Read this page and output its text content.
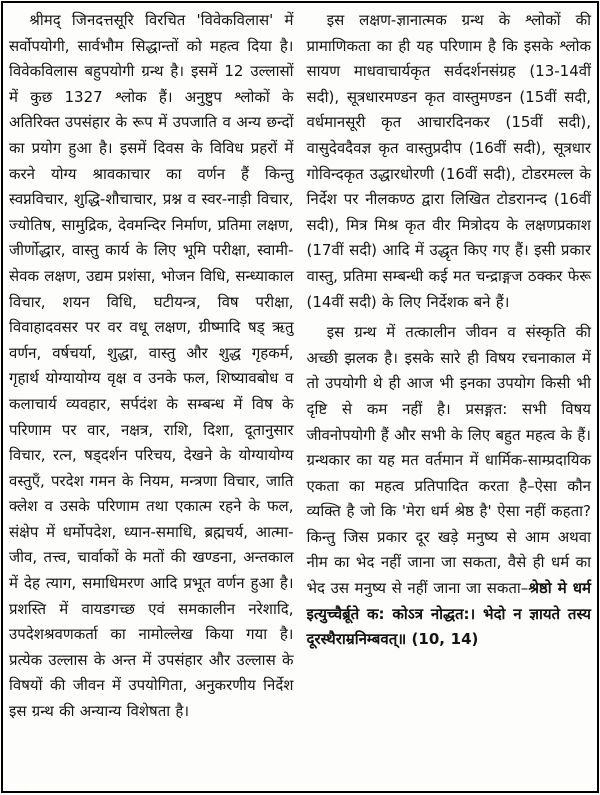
श्रीमद् जिनदत्तसूरि विरचित 'विवेकविलास' में सर्वोपयोगी, सार्वभौम सिद्धान्तों को महत्व दिया है। विवेकविलास बहुपयोगी ग्रन्थ है। इसमें 12 उल्लासों में कुछ 1327 श्लोक हैं। अनुष्टुप श्लोकों के अतिरिक्त उपसंहार के रूप में उपजाति व अन्य छन्दों का प्रयोग हुआ है। इसमें दिवस के विविध प्रहरों में करने योग्य श्रावकाचार का वर्णन हैं किन्तु स्वप्नविचार, शुद्धि-शौचाचार, प्रश्न व स्वर-नाड़ी विचार, ज्योतिष, सामुद्रिक, देवमन्दिर निर्माण, प्रतिमा लक्षण, जीर्णोद्धार, वास्तु कार्य के लिए भूमि परीक्षा, स्वामी-सेवक लक्षण, उद्यम प्रशंसा, भोजन विधि, सन्ध्याकाल विचार, शयन विधि, घटीयन्त्र, विष परीक्षा, विवाहादवसर पर वर वधू लक्षण, ग्रीष्मादि षड् ऋतु वर्णन, वर्षचर्या, शुद्धा, वास्तु और शुद्ध गृहकर्म, गृहार्थ योग्यायोग्य वृक्ष व उनके फल, शिष्यावबोध व कलाचार्य व्यवहार, सर्पदंश के सम्बन्ध में विष के परिणाम पर वार, नक्षत्र, राशि, दिशा, दूतानुसार विचार, रत्न, षड्दर्शन परिचय, देखने के योग्यायोग्य वस्तुएँ, परदेश गमन के नियम, मन्त्रणा विचार, जाति क्लेश व उसके परिणाम तथा एकात्म रहने के फल, संक्षेप में धर्मोपदेश, ध्यान-समाधि, ब्रह्मचर्य, आत्मा-जीव, तत्त्व, चार्वाकों के मतों की खण्डना, अन्तकाल में देह त्याग, समाधिमरण आदि प्रभूत वर्णन हुआ है। प्रशस्ति में वायडगच्छ एवं समकालीन नरेशादि, उपदेशश्रवणकर्ता का नामोल्लेख किया गया है। प्रत्येक उल्लास के अन्त में उपसंहार और उल्लास के विषयों की जीवन में उपयोगिता, अनुकरणीय निर्देश इस ग्रन्थ की अन्यान्य विशेषता है।

इस लक्षण-ज्ञानात्मक ग्रन्थ के श्लोकों की प्रामाणिकता का ही यह परिणाम है कि इसके श्लोक सायण माधवाचार्यकृत सर्वदर्शनसंग्रह (13-14वीं सदी), सूत्रधारमण्डन कृत वास्तुमण्डन (15वीं सदी, वर्धमानसूरी कृत आचारदिनकर (15वीं सदी), वासुदेवदैवज्ञ कृत वास्तुप्रदीप (16वीं सदी), सूत्रधार गोविन्दकृत उद्धारधोरणी (16वीं सदी), टोडरमल्ल के निर्देश पर नीलकण्ठ द्वारा लिखित टोडरानन्द (16वीं सदी), मित्र मिश्र कृत वीर मित्रोदय के लक्षणप्रकाश (17वीं सदी) आदि में उद्धृत किए गए हैं। इसी प्रकार वास्तु, प्रतिमा सम्बन्धी कई मत चन्द्राङ्गज ठक्कर फेरू (14वीं सदी) के लिए निर्देशक बने हैं।

इस ग्रन्थ में तत्कालीन जीवन व संस्कृति की अच्छी झलक है। इसके सारे ही विषय रचनाकाल में तो उपयोगी थे ही आज भी इनका उपयोग किसी भी दृष्टि से कम नहीं है। प्रसङ्गत: सभी विषय जीवनोपयोगी हैं और सभी के लिए बहुत महत्व के हैं। ग्रन्थकार का यह मत वर्तमान में धार्मिक-साम्प्रदायिक एकता का महत्व प्रतिपादित करता है–ऐसा कौन व्यक्ति है जो कि 'मेरा धर्म श्रेष्ठ है' ऐसा नहीं कहता?किन्तु जिस प्रकार दूर खड़े मनुष्य से आम अथवा नीम का भेद नहीं जाना जा सकता, वैसे ही धर्म का भेद उस मनुष्य से नहीं जाना जा सकता–श्रेष्ठो मे धर्म इत्युच्चैर्ब्रूते क: कोऽत्र नोद्धत:। भेदो न ज्ञायते तस्य दूरस्थैराम्रनिम्बवत्॥ (10, 14)
